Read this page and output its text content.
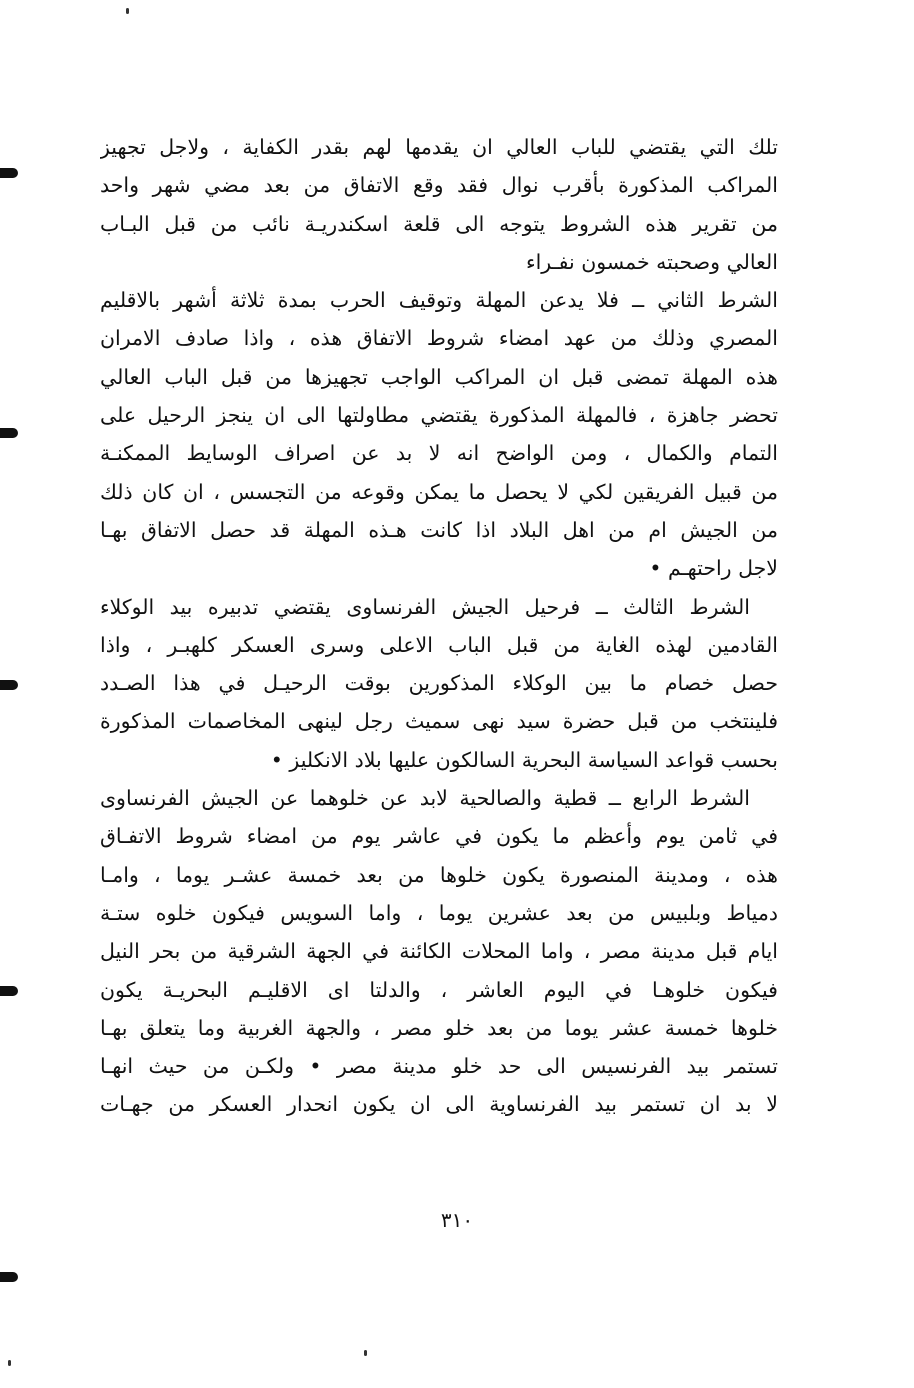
تلك التي يقتضي للباب العالي ان يقدمها لهم بقدر الكفاية ، ولاجل تجهيز
المراكب المذكورة بأقرب نوال فقد وقع الاتفاق من بعد مضي شهر واحد
من تقرير هذه الشروط يتوجه الى قلعة اسكندريـة نائب من قبل البـاب
العالي وصحبته خمسون نفـراء
الشرط الثاني ــ فلا يدعن المهلة وتوقيف الحرب بمدة ثلاثة أشهر بالاقليم
المصري وذلك من عهد امضاء شروط الاتفاق هذه ، واذا صادف الامران
هذه المهلة تمضى قبل ان المراكب الواجب تجهيزها من قبل الباب العالي
تحضر جاهزة ، فالمهلة المذكورة يقتضي مطاولتها الى ان ينجز الرحيل على
التمام والكمال ، ومن الواضح انه لا بد عن اصراف الوسايط الممكنـة
من قبيل الفريقين لكي لا يحصل ما يمكن وقوعه من التجسس ، ان كان ذلك
من الجيش ام من اهل البلاد اذا كانت هـذه المهلة قد حصل الاتفاق بهـا
لاجل راحتهـم •
الشرط الثالث ــ فرحيل الجيش الفرنساوى يقتضي تدبيره بيد الوكلاء
القادمين لهذه الغاية من قبل الباب الاعلى وسرى العسكر كلهبـر ، واذا
حصل خصام ما بين الوكلاء المذكورين بوقت الرحيـل في هذا الصـدد
فلينتخب من قبل حضرة سيد نهى سميث رجل لينهى المخاصمات المذكورة
بحسب قواعد السياسة البحرية السالكون عليها بلاد الانكليز •
الشرط الرابع ــ قطية والصالحية لابد عن خلوهما عن الجيش الفرنساوى
في ثامن يوم وأعظم ما يكون في عاشر يوم من امضاء شروط الاتفـاق
هذه ، ومدينة المنصورة يكون خلوها من بعد خمسة عشـر يوما ، وامـا
دمياط وبلبيس من بعد عشرين يوما ، واما السويس فيكون خلوه ستـة
ايام قبل مدينة مصر ، واما المحلات الكائنة في الجهة الشرقية من بحر النيل
فيكون خلوهـا في اليوم العاشر ، والدلتا اى الاقليـم البحريـة يكون
خلوها خمسة عشر يوما من بعد خلو مصر ، والجهة الغربية وما يتعلق بهـا
تستمر بيد الفرنسيس الى حد خلو مدينة مصر • ولكـن من حيث انهـا
لا بد ان تستمر بيد الفرنساوية الى ان يكون انحدار العسكر من جهـات
٣١٠
